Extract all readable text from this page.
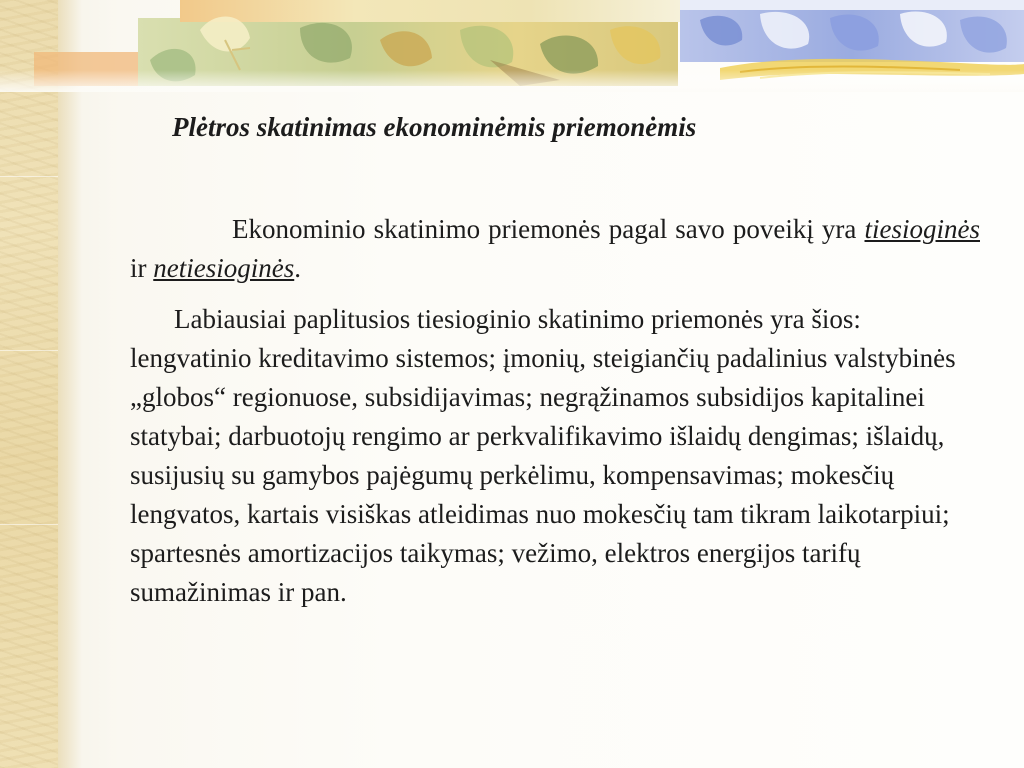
Plėtros skatinimas ekonominėmis priemonėmis

Ekonominio skatinimo priemonės pagal savo poveikį yra tiesioginės ir netiesioginės.

Labiausiai paplitusios tiesioginio skatinimo priemonės yra šios: lengvatinio kreditavimo sistemos; įmonių, steigiančių padalinius valstybinės „globos“ regionuose, subsidijavimas; negrąžinamos subsidijos kapitalinei statybai; darbuotojų rengimo ar perkvalifikavimo išlaidų dengimas; išlaidų, susijusių su gamybos pajėgumų perkėlimu, kompensavimas; mokesčių lengvatos, kartais visiškas atleidimas nuo mokesčių tam tikram laikotarpiui; spartesnės amortizacijos taikymas; vežimo, elektros energijos tarifų sumažinimas ir pan.
